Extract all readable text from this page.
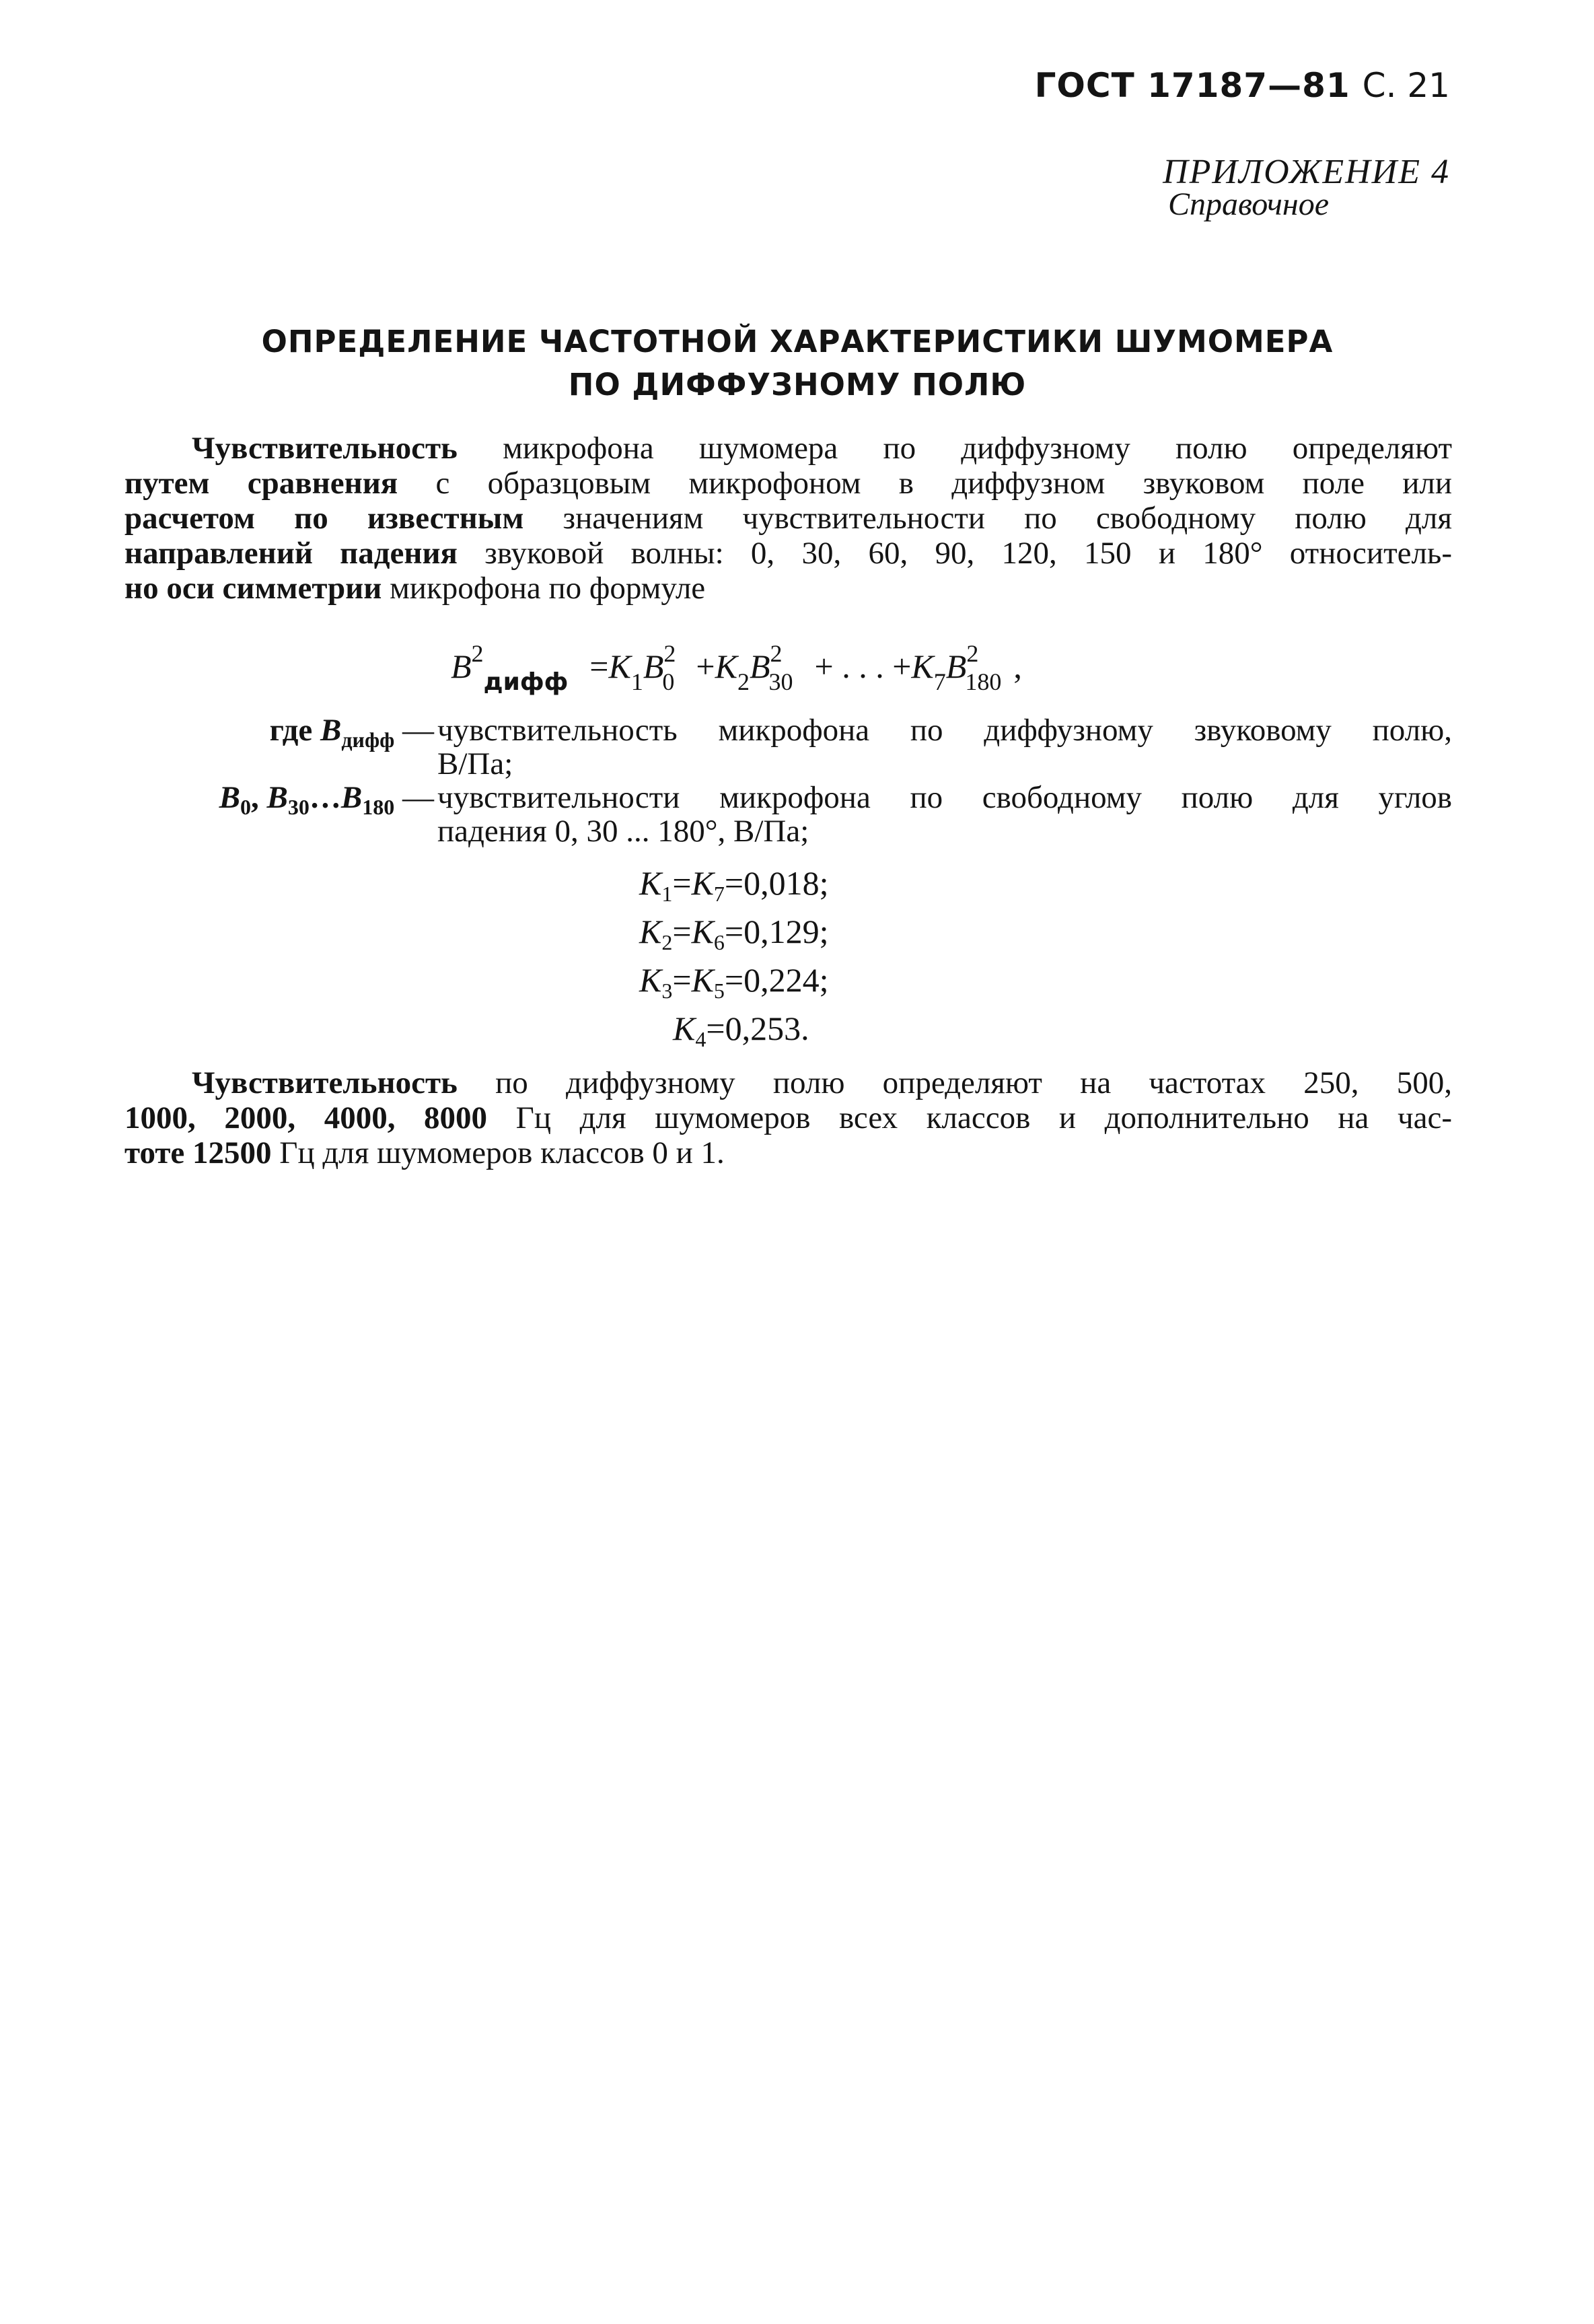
ГОСТ 17187—81 С. 21
ПРИЛОЖЕНИЕ 4
Справочное
ОПРЕДЕЛЕНИЕ ЧАСТОТНОЙ ХАРАКТЕРИСТИКИ ШУМОМЕРА
ПО ДИФФУЗНОМУ ПОЛЮ
Чувствительность микрофона шумомера по диффузному полю определяют
путем сравнения с образцовым микрофоном в диффузном звуковом поле или
расчетом по известным значениям чувствительности по свободному полю для
направлений падения звуковой волны: 0, 30, 60, 90, 120, 150 и 180° относитель-
но оси симметрии микрофона по формуле
$B^2_{дифф} =K_1B^2_0 +K_2B^2_{30}$ + . . . $+K_7B^2_{180}$ ,
где $B_{дифф}$ — чувствительность микрофона по диффузному звуковому полю,
В/Па;
$B_0$, $B_{30}\dots B_{180}$ — чувствительности микрофона по свободному полю для углов
падения 0, 30 ... 180°, В/Па;
$K_1=K_7=0,018$;
$K_2=K_6=0,129$;
$K_3=K_5=0,224$;
$K_4=0,253$.
Чувствительность по диффузному полю определяют на частотах 250, 500,
1000, 2000, 4000, 8000 Гц для шумомеров всех классов и дополнительно на час-
тоте 12500 Гц для шумомеров классов 0 и 1.
